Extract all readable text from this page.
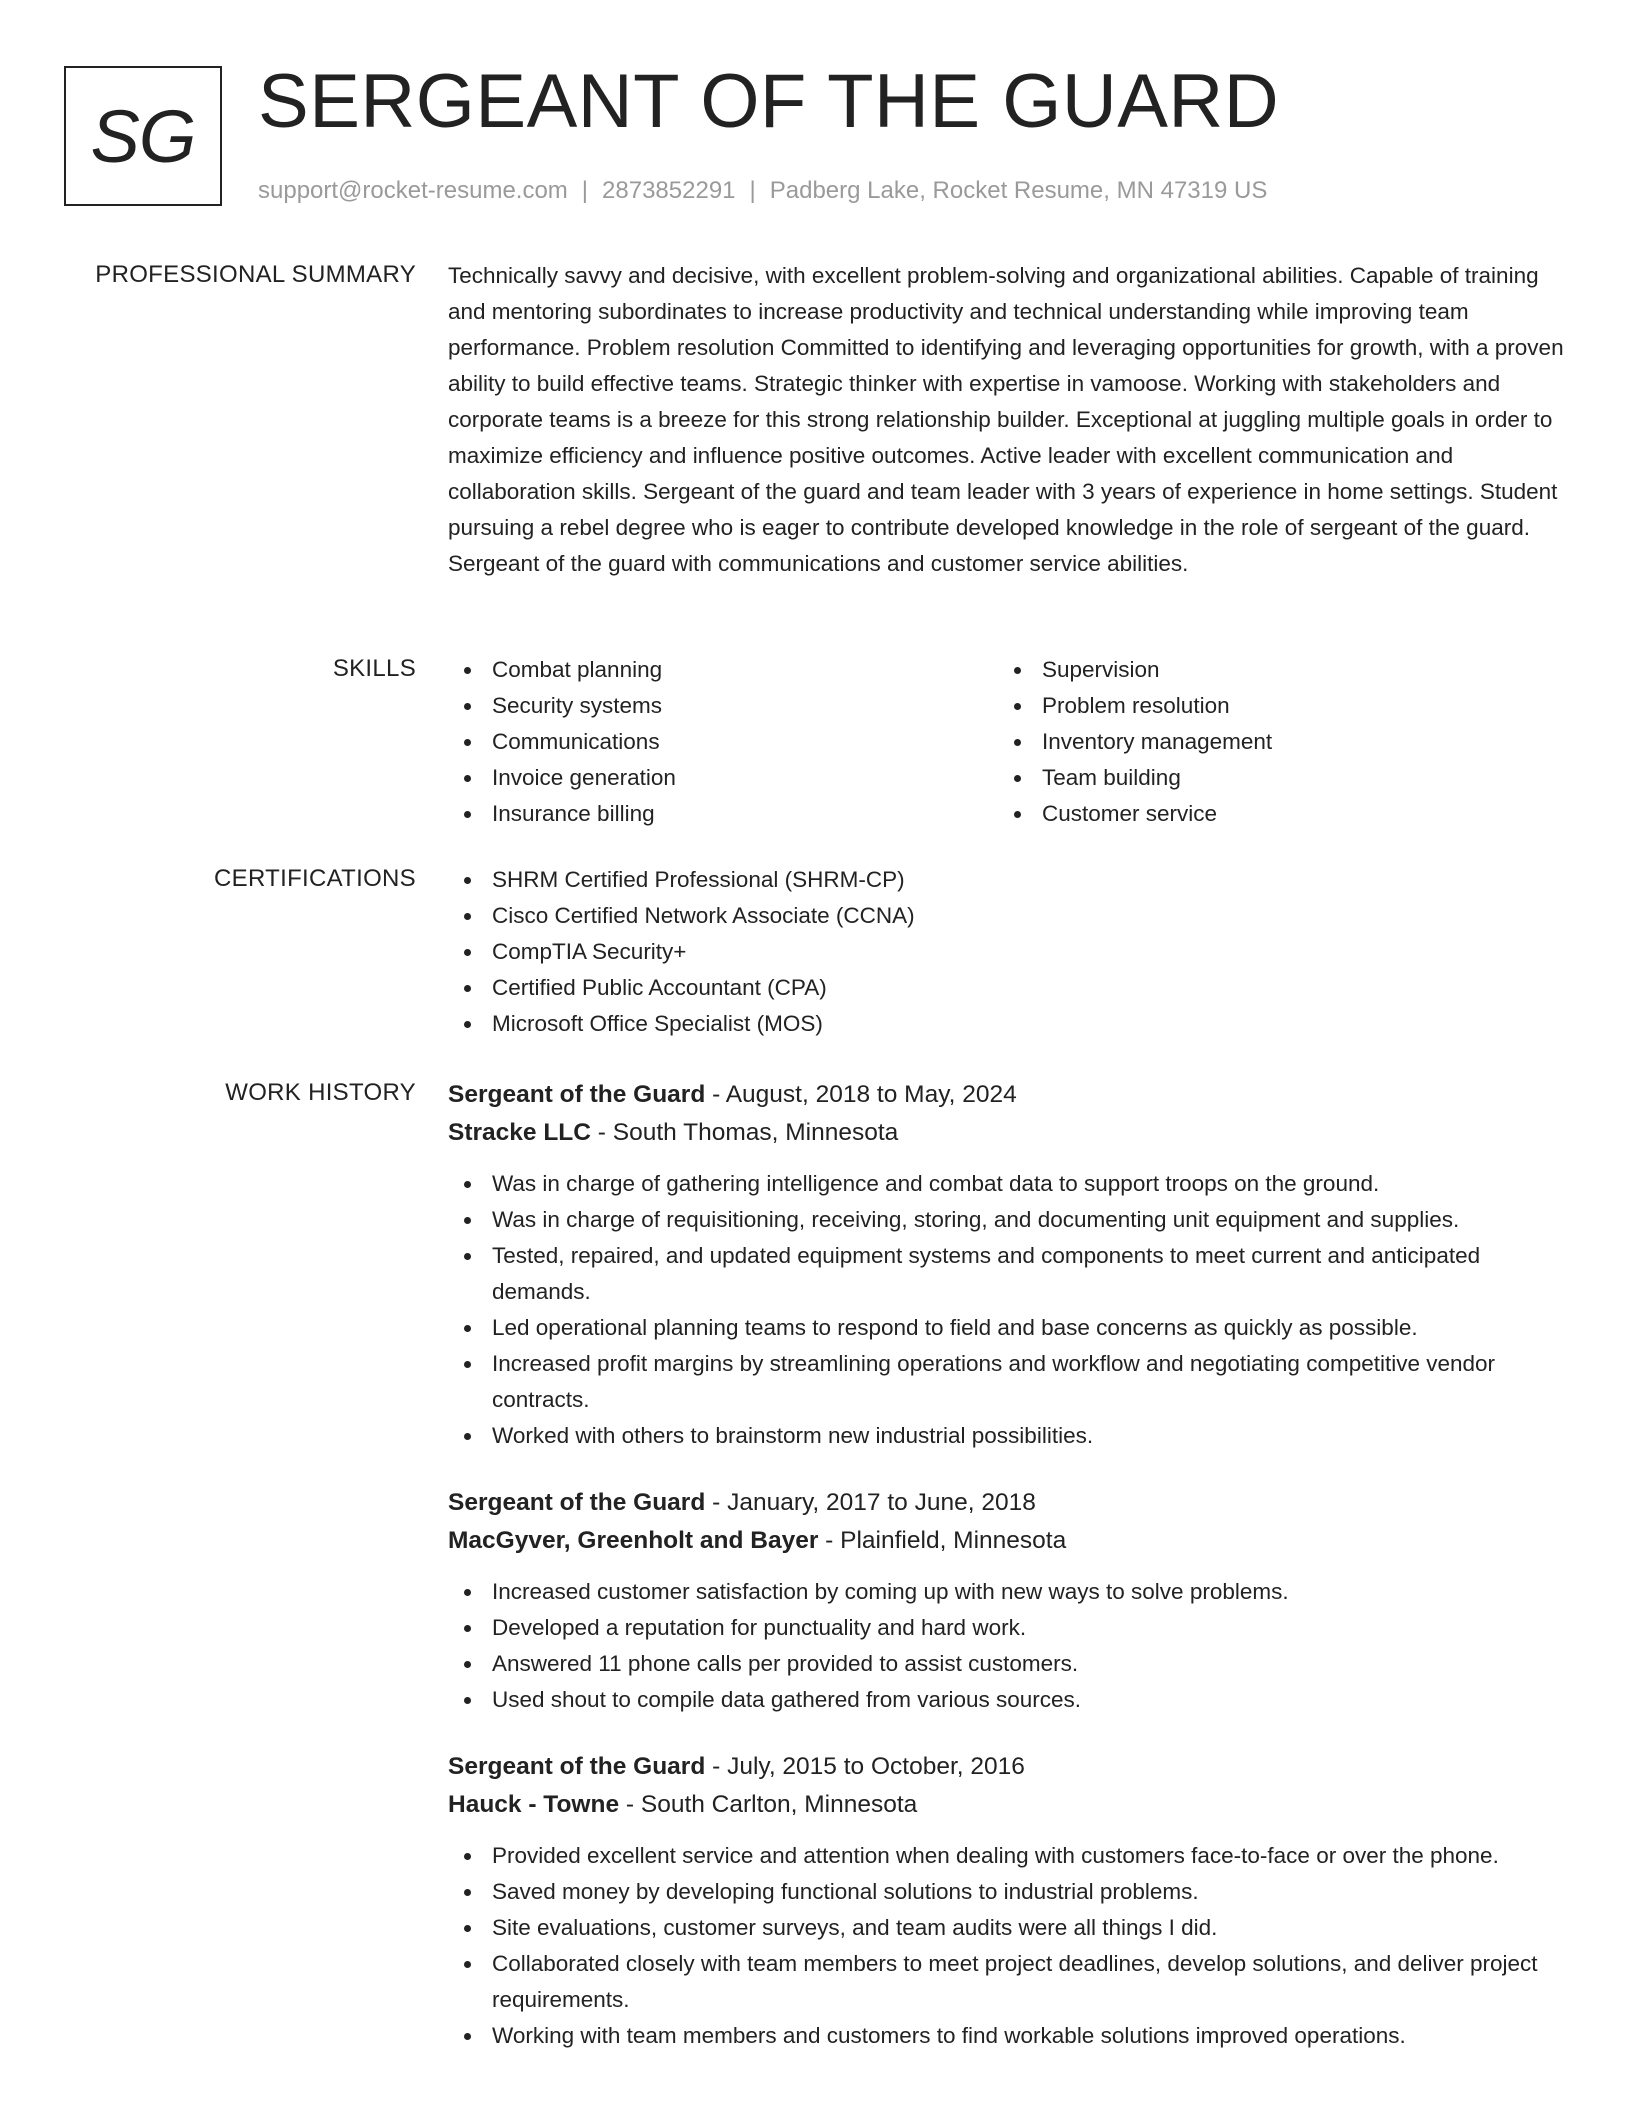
SG SERGEANT OF THE GUARD
support@rocket-resume.com | 2873852291 | Padberg Lake, Rocket Resume, MN 47319 US
PROFESSIONAL SUMMARY Technically savvy and decisive, with excellent problem-solving and organizational abilities. Capable of training and mentoring subordinates to increase productivity and technical understanding while improving team performance. Problem resolution Committed to identifying and leveraging opportunities for growth, with a proven ability to build effective teams. Strategic thinker with expertise in vamoose. Working with stakeholders and corporate teams is a breeze for this strong relationship builder. Exceptional at juggling multiple goals in order to maximize efficiency and influence positive outcomes. Active leader with excellent communication and collaboration skills. Sergeant of the guard and team leader with 3 years of experience in home settings. Student pursuing a rebel degree who is eager to contribute developed knowledge in the role of sergeant of the guard. Sergeant of the guard with communications and customer service abilities.
SKILLS	Combat planning
Security systems
Communications
Invoice generation
Insurance billing
Supervision
Problem resolution
Inventory management
Team building
Customer service
CERTIFICATIONS	SHRM Certified Professional (SHRM-CP)
Cisco Certified Network Associate (CCNA)
CompTIA Security+
Certified Public Accountant (CPA)
Microsoft Office Specialist (MOS)
WORK HISTORY Sergeant of the Guard - August, 2018 to May, 2024
Stracke LLC - South Thomas, Minnesota
Was in charge of gathering intelligence and combat data to support troops on the ground.
Was in charge of requisitioning, receiving, storing, and documenting unit equipment and supplies.
Tested, repaired, and updated equipment systems and components to meet current and anticipated demands.
Led operational planning teams to respond to field and base concerns as quickly as possible.
Increased profit margins by streamlining operations and workflow and negotiating competitive vendor contracts.
Worked with others to brainstorm new industrial possibilities.
Sergeant of the Guard - January, 2017 to June, 2018
MacGyver, Greenholt and Bayer - Plainfield, Minnesota
Increased customer satisfaction by coming up with new ways to solve problems.
Developed a reputation for punctuality and hard work.
Answered 11 phone calls per provided to assist customers.
Used shout to compile data gathered from various sources.
Sergeant of the Guard - July, 2015 to October, 2016
Hauck - Towne - South Carlton, Minnesota
Provided excellent service and attention when dealing with customers face-to-face or over the phone.
Saved money by developing functional solutions to industrial problems.
Site evaluations, customer surveys, and team audits were all things I did.
Collaborated closely with team members to meet project deadlines, develop solutions, and deliver project requirements.
Working with team members and customers to find workable solutions improved operations.
